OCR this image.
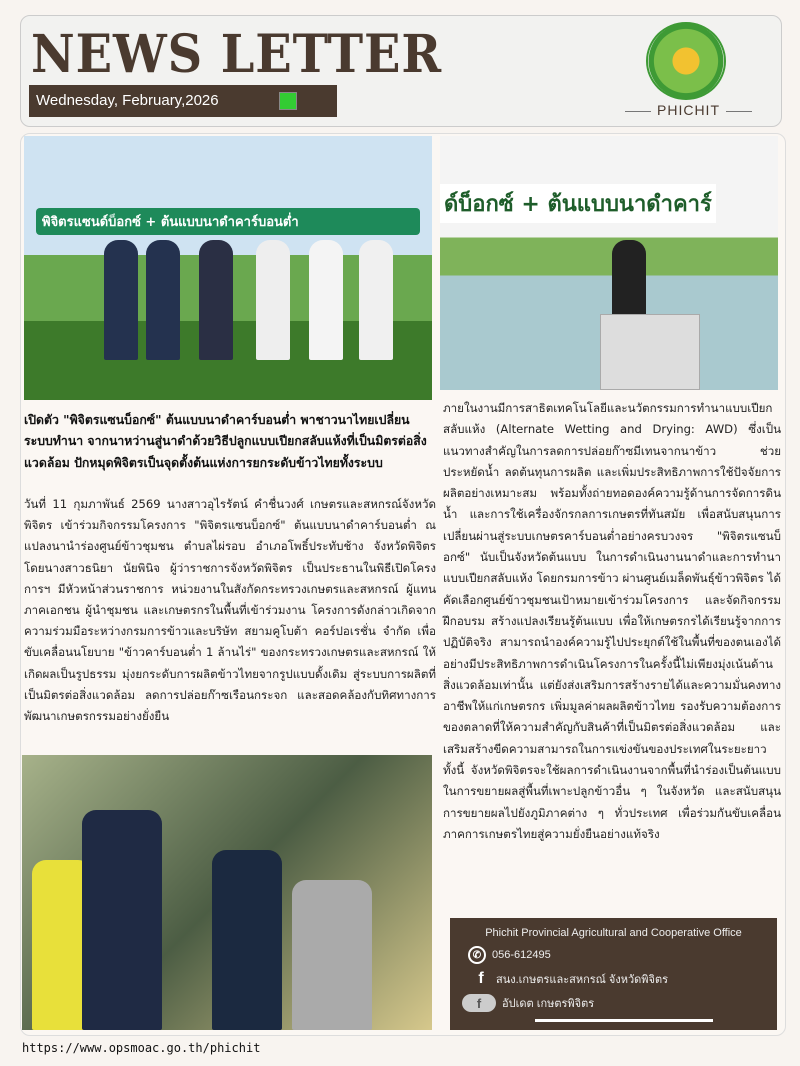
NEWS LETTER
Wednesday, February,2026
PHICHIT
พิจิตรแซนด์บ็อกซ์ + ต้นแบบนาดำคาร์บอนต่ำ
ด์บ็อกซ์ + ต้นแบบนาดำคาร์
เปิดตัว "พิจิตรแซนบ็อกซ์" ต้นแบบนาดำคาร์บอนต่ำ พาชาวนาไทยเปลี่ยนระบบทำนา จากนาหว่านสู่นาดำด้วยวิธีปลูกแบบเปียกสลับแห้งที่เป็นมิตรต่อสิ่งแวดล้อม ปักหมุดพิจิตรเป็นจุดตั้งต้นแห่งการยกระดับข้าวไทยทั้งระบบ
วันที่ 11 กุมภาพันธ์ 2569 นางสาวอุไรรัตน์ คำชื่นวงศ์ เกษตรและสหกรณ์จังหวัดพิจิตร เข้าร่วมกิจกรรมโครงการ "พิจิตรแซนบ็อกซ์" ต้นแบบนาดำคาร์บอนต่ำ ณ แปลงนานำร่องศูนย์ข้าวชุมชน ตำบลไผ่รอบ อำเภอโพธิ์ประทับช้าง จังหวัดพิจิตร โดยนางสาวธนิยา นัยพินิจ ผู้ว่าราชการจังหวัดพิจิตร เป็นประธานในพิธีเปิดโครงการฯ มีหัวหน้าส่วนราชการ หน่วยงานในสังกัดกระทรวงเกษตรและสหกรณ์ ผู้แทนภาคเอกชน ผู้นำชุมชน และเกษตรกรในพื้นที่เข้าร่วมงาน โครงการดังกล่าวเกิดจากความร่วมมือระหว่างกรมการข้าวและบริษัท สยามคูโบต้า คอร์ปอเรชั่น จำกัด เพื่อขับเคลื่อนนโยบาย "ข้าวคาร์บอนต่ำ 1 ล้านไร่" ของกระทรวงเกษตรและสหกรณ์ ให้เกิดผลเป็นรูปธรรม มุ่งยกระดับการผลิตข้าวไทยจากรูปแบบดั้งเดิม สู่ระบบการผลิตที่เป็นมิตรต่อสิ่งแวดล้อม ลดการปล่อยก๊าซเรือนกระจก และสอดคล้องกับทิศทางการพัฒนาเกษตรกรรมอย่างยั่งยืน
ภายในงานมีการสาธิตเทคโนโลยีและนวัตกรรมการทำนาแบบเปียกสลับแห้ง (Alternate Wetting and Drying: AWD) ซึ่งเป็นแนวทางสำคัญในการลดการปล่อยก๊าซมีเทนจากนาข้าว ช่วยประหยัดน้ำ ลดต้นทุนการผลิต และเพิ่มประสิทธิภาพการใช้ปัจจัยการผลิตอย่างเหมาะสม พร้อมทั้งถ่ายทอดองค์ความรู้ด้านการจัดการดิน น้ำ และการใช้เครื่องจักรกลการเกษตรที่ทันสมัย เพื่อสนับสนุนการเปลี่ยนผ่านสู่ระบบเกษตรคาร์บอนต่ำอย่างครบวงจร "พิจิตรแซนบ็อกซ์" นับเป็นจังหวัดต้นแบบ ในการดำเนินงานนาดำและการทำนาแบบเปียกสลับแห้ง โดยกรมการข้าว ผ่านศูนย์เมล็ดพันธุ์ข้าวพิจิตร ได้คัดเลือกศูนย์ข้าวชุมชนเป้าหมายเข้าร่วมโครงการ และจัดกิจกรรมฝึกอบรม สร้างแปลงเรียนรู้ต้นแบบ เพื่อให้เกษตรกรได้เรียนรู้จากการปฏิบัติจริง สามารถนำองค์ความรู้ไปประยุกต์ใช้ในพื้นที่ของตนเองได้อย่างมีประสิทธิภาพการดำเนินโครงการในครั้งนี้ไม่เพียงมุ่งเน้นด้านสิ่งแวดล้อมเท่านั้น แต่ยังส่งเสริมการสร้างรายได้และความมั่นคงทางอาชีพให้แก่เกษตรกร เพิ่มมูลค่าผลผลิตข้าวไทย รองรับความต้องการของตลาดที่ให้ความสำคัญกับสินค้าที่เป็นมิตรต่อสิ่งแวดล้อม และเสริมสร้างขีดความสามารถในการแข่งขันของประเทศในระยะยาวทั้งนี้ จังหวัดพิจิตรจะใช้ผลการดำเนินงานจากพื้นที่นำร่องเป็นต้นแบบในการขยายผลสู่พื้นที่เพาะปลูกข้าวอื่น ๆ ในจังหวัด และสนับสนุนการขยายผลไปยังภูมิภาคต่าง ๆ ทั่วประเทศ เพื่อร่วมกันขับเคลื่อนภาคการเกษตรไทยสู่ความยั่งยืนอย่างแท้จริง
Phichit Provincial Agricultural and Cooperative Office
✆ 056-612495
f	สนง.เกษตรและสหกรณ์ จังหวัดพิจิตร
f	อัปเดต เกษตรพิจิตร
https://www.opsmoac.go.th/phichit
